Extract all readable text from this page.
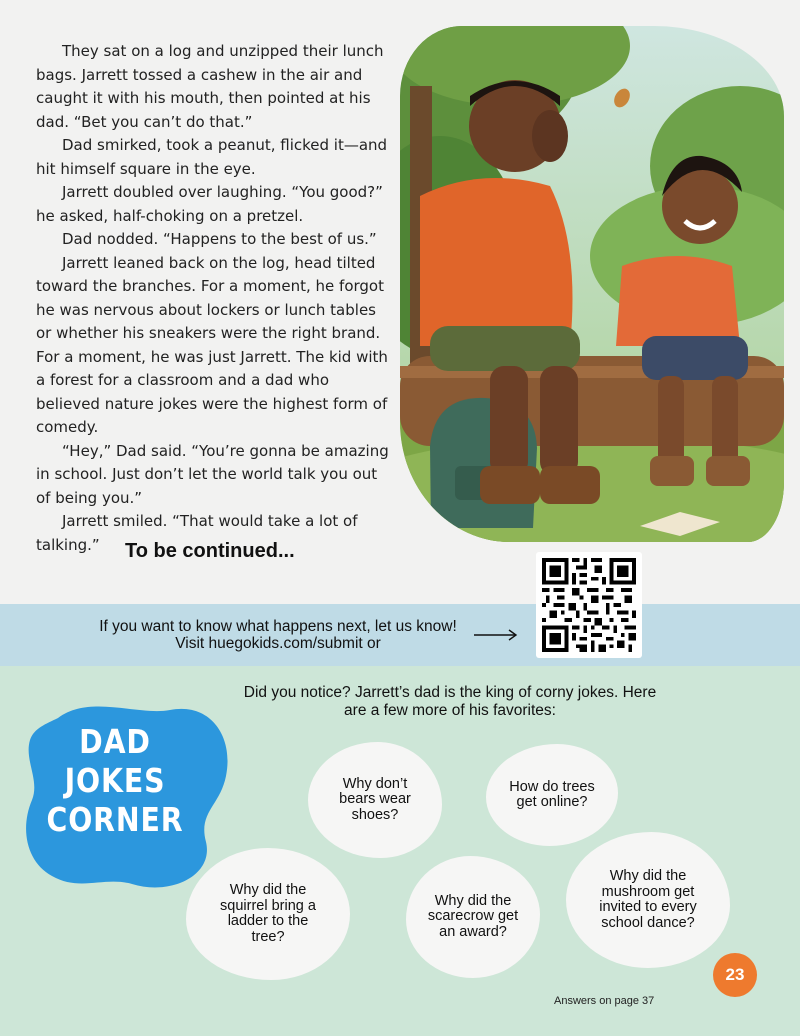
They sat on a log and unzipped their lunch bags. Jarrett tossed a cashew in the air and caught it with his mouth, then pointed at his dad. “Bet you can’t do that.”

Dad smirked, took a peanut, flicked it—and hit himself square in the eye.

Jarrett doubled over laughing. “You good?” he asked, half-choking on a pretzel.

Dad nodded. “Happens to the best of us.”

Jarrett leaned back on the log, head tilted toward the branches. For a moment, he forgot he was nervous about lockers or lunch tables or whether his sneakers were the right brand. For a moment, he was just Jarrett. The kid with a forest for a classroom and a dad who believed nature jokes were the highest form of comedy.

“Hey,” Dad said. “You’re gonna be amazing in school. Just don’t let the world talk you out of being you.”

Jarrett smiled. “That would take a lot of talking.”	To be continued...
If you want to know what happens next, let us know! Visit huegokids.com/submit or
Did you notice? Jarrett’s dad is the king of corny jokes. Here are a few more of his favorites:
DAD
JOKES
CORNER
Why don’t bears wear shoes?
How do trees get online?
Why did the squirrel bring a ladder to the tree?
Why did the scarecrow get an award?
Why did the mushroom get invited to every school dance?
23
Answers on page 37
